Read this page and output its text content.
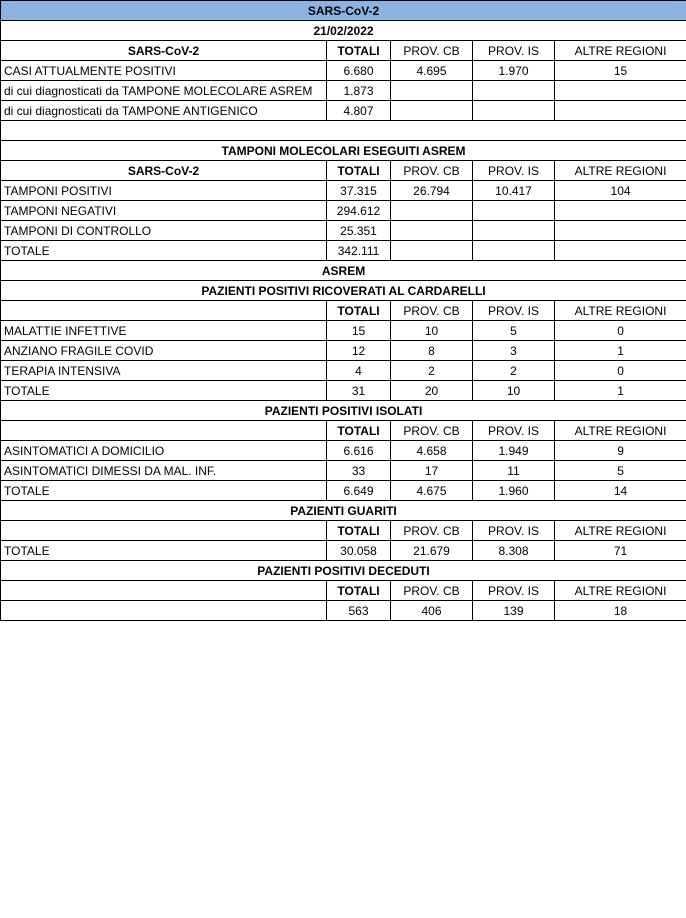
SARS-CoV-2				
21/02/2022				
SARS-CoV-2	TOTALI	PROV. CB	PROV. IS	ALTRE REGIONI
CASI ATTUALMENTE POSITIVI	6.680	4.695	1.970	15
di cui diagnosticati da TAMPONE MOLECOLARE ASREM	1.873			
di cui diagnosticati da TAMPONE ANTIGENICO	4.807			

TAMPONI MOLECOLARI ESEGUITI ASREM				
SARS-CoV-2	TOTALI	PROV. CB	PROV. IS	ALTRE REGIONI
TAMPONI POSITIVI	37.315	26.794	10.417	104
TAMPONI NEGATIVI	294.612			
TAMPONI DI CONTROLLO	25.351			
TOTALE	342.111			
ASREM				
PAZIENTI POSITIVI RICOVERATI AL CARDARELLI				
	TOTALI	PROV. CB	PROV. IS	ALTRE REGIONI
MALATTIE INFETTIVE	15	10	5	0
ANZIANO FRAGILE COVID	12	8	3	1
TERAPIA INTENSIVA	4	2	2	0
TOTALE	31	20	10	1
PAZIENTI POSITIVI ISOLATI				
	TOTALI	PROV. CB	PROV. IS	ALTRE REGIONI
ASINTOMATICI A DOMICILIO	6.616	4.658	1.949	9
ASINTOMATICI DIMESSI DA MAL. INF.	33	17	11	5
TOTALE	6.649	4.675	1.960	14
PAZIENTI GUARITI				
	TOTALI	PROV. CB	PROV. IS	ALTRE REGIONI
TOTALE	30.058	21.679	8.308	71
PAZIENTI POSITIVI DECEDUTI				
	TOTALI	PROV. CB	PROV. IS	ALTRE REGIONI
	563	406	139	18
